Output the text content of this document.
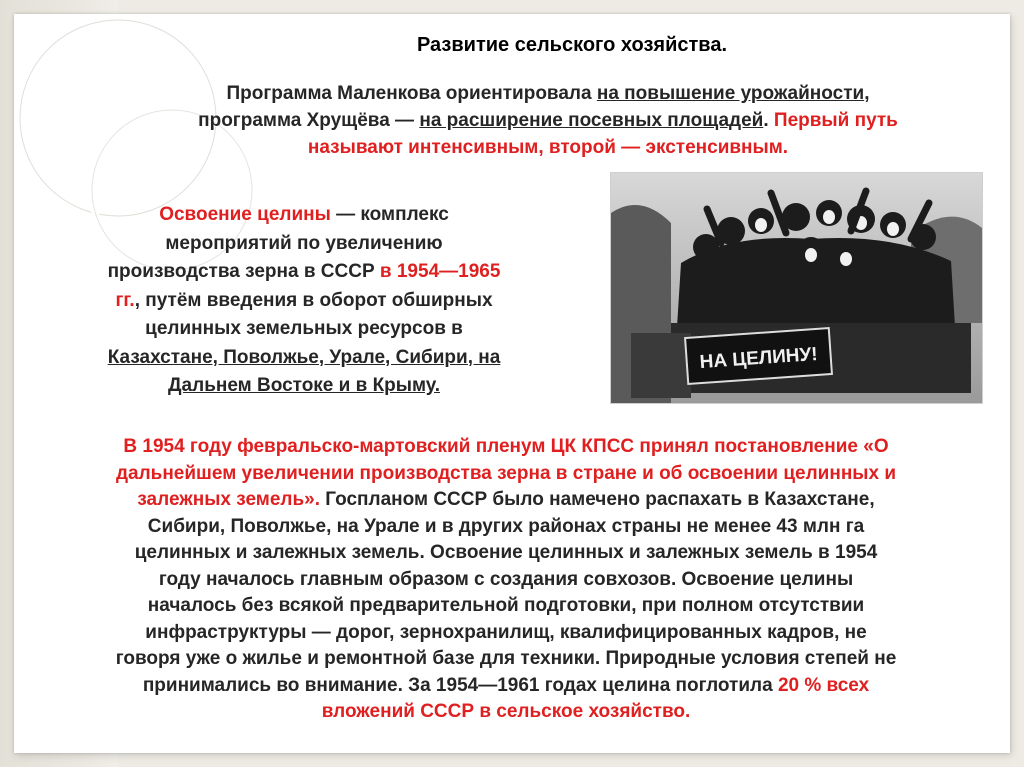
Развитие сельского хозяйства.
Программа Маленкова ориентировала на повышение урожайности,
программа Хрущёва — на расширение посевных площадей. Первый путь
называют интенсивным, второй — экстенсивным.
Освоение целины — комплекс
мероприятий по увеличению
производства зерна в СССР в 1954—1965
гг., путём введения в оборот обширных
целинных земельных ресурсов в
Казахстане, Поволжье, Урале, Сибири, на
Дальнем Востоке и в Крыму.
НА ЦЕЛИНУ!
В 1954 году февральско-мартовский пленум ЦК КПСС принял постановление «О
дальнейшем увеличении производства зерна в стране и об освоении целинных и
залежных земель». Госпланом СССР было намечено распахать в Казахстане,
Сибири, Поволжье, на Урале и в других районах страны не менее 43 млн га
целинных и залежных земель. Освоение целинных и залежных земель в 1954
году началось главным образом с создания совхозов. Освоение целины
началось без всякой предварительной подготовки, при полном отсутствии
инфраструктуры — дорог, зернохранилищ, квалифицированных кадров, не
говоря уже о жилье и ремонтной базе для техники. Природные условия степей не
принимались во внимание. За 1954—1961 годах целина поглотила 20 % всех
вложений СССР в сельское хозяйство.
